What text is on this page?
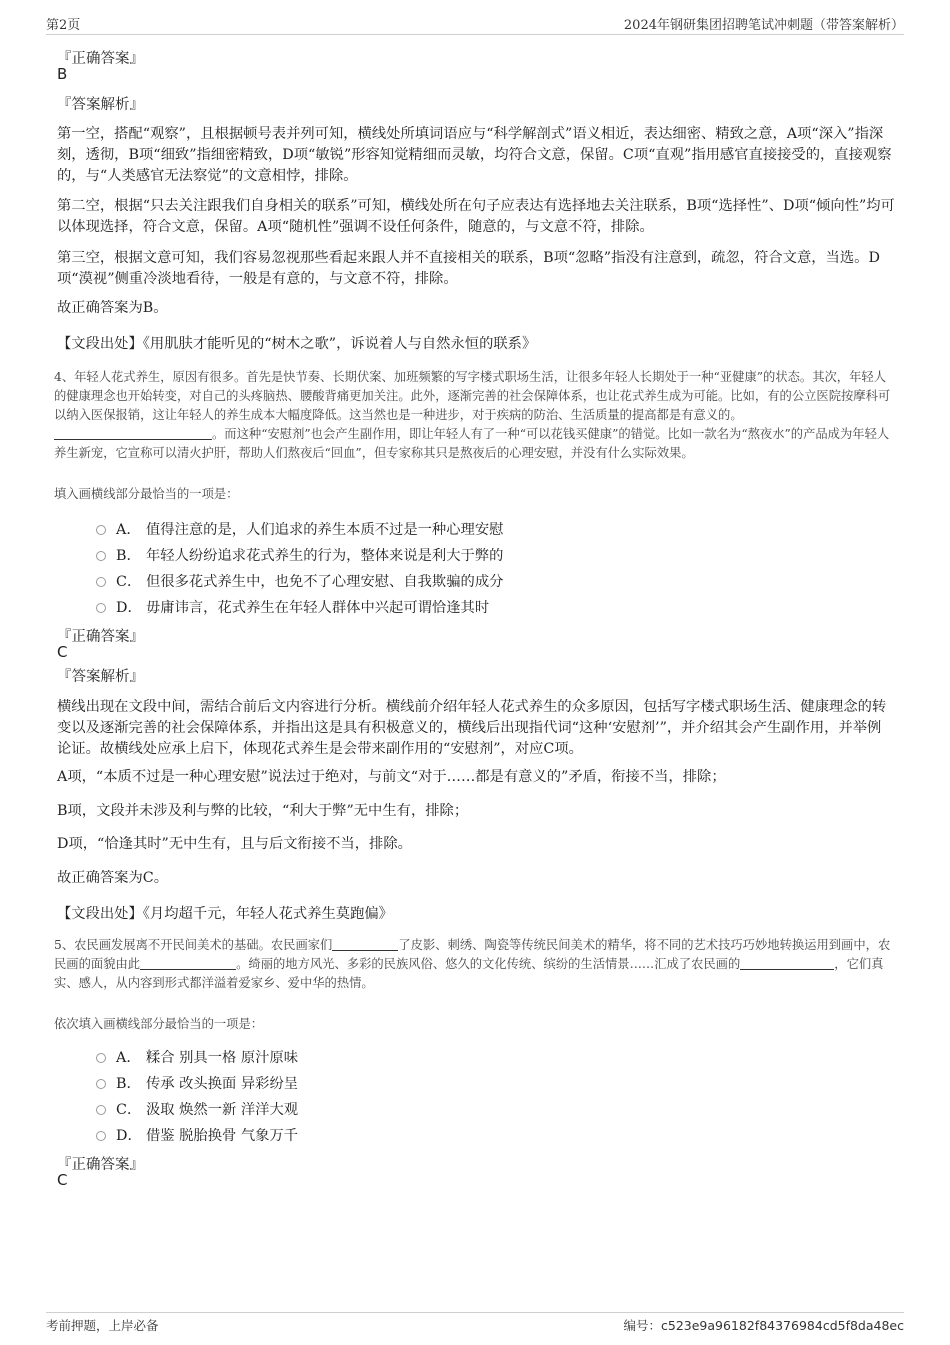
第2页	2024年钢研集团招聘笔试冲刺题（带答案解析）
『正确答案』
B
『答案解析』
第一空，搭配“观察”，且根据顿号表并列可知，横线处所填词语应与“科学解剖式”语义相近，表达细密、精致之意，A项“深入”指深刻，透彻，B项“细致”指细密精致，D项“敏锐”形容知觉精细而灵敏，均符合文意，保留。C项“直观”指用感官直接接受的，直接观察的，与“人类感官无法察觉”的文意相悖，排除。
第二空，根据“只去关注跟我们自身相关的联系”可知，横线处所在句子应表达有选择地去关注联系，B项“选择性”、D项“倾向性”均可以体现选择，符合文意，保留。A项“随机性”强调不设任何条件，随意的，与文意不符，排除。
第三空，根据文意可知，我们容易忽视那些看起来跟人并不直接相关的联系，B项“忽略”指没有注意到，疏忽，符合文意，当选。D项“漠视”侧重冷淡地看待，一般是有意的，与文意不符，排除。
故正确答案为B。
【文段出处】《用肌肤才能听见的“树木之歌”，诉说着人与自然永恒的联系》
4、年轻人花式养生，原因有很多。首先是快节奏、长期伏案、加班频繁的写字楼式职场生活，让很多年轻人长期处于一种“亚健康”的状态。其次，年轻人的健康理念也开始转变，对自己的头疼脑热、腰酸背痛更加关注。此外，逐渐完善的社会保障体系，也让花式养生成为可能。比如，有的公立医院按摩科可以纳入医保报销，这让年轻人的养生成本大幅度降低。这当然也是一种进步，对于疾病的防治、生活质量的提高都是有意义的。。而这种“安慰剂”也会产生副作用，即让年轻人有了一种“可以花钱买健康”的错觉。比如一款名为“熬夜水”的产品成为年轻人养生新宠，它宣称可以清火护肝，帮助人们熬夜后“回血”，但专家称其只是熬夜后的心理安慰，并没有什么实际效果。
填入画横线部分最恰当的一项是：
A． 值得注意的是，人们追求的养生本质不过是一种心理安慰
B． 年轻人纷纷追求花式养生的行为，整体来说是利大于弊的
C． 但很多花式养生中，也免不了心理安慰、自我欺骗的成分
D． 毋庸讳言，花式养生在年轻人群体中兴起可谓恰逢其时
『正确答案』
C
『答案解析』
横线出现在文段中间，需结合前后文内容进行分析。横线前介绍年轻人花式养生的众多原因，包括写字楼式职场生活、健康理念的转变以及逐渐完善的社会保障体系，并指出这是具有积极意义的，横线后出现指代词“这种‘安慰剂’”，并介绍其会产生副作用，并举例论证。故横线处应承上启下，体现花式养生是会带来副作用的“安慰剂”，对应C项。
A项，“本质不过是一种心理安慰”说法过于绝对，与前文“对于……都是有意义的”矛盾，衔接不当，排除；
B项，文段并未涉及利与弊的比较，“利大于弊”无中生有，排除；
D项，“恰逢其时”无中生有，且与后文衔接不当，排除。
故正确答案为C。
【文段出处】《月均超千元，年轻人花式养生莫跑偏》
5、农民画发展离不开民间美术的基础。农民画家们	了皮影、刺绣、陶瓷等传统民间美术的精华，将不同的艺术技巧巧妙地转换运用到画中，农民画的面貌由此	。绮丽的地方风光、多彩的民族风俗、悠久的文化传统、缤纷的生活情景……汇成了农民画的	，它们真实、感人，从内容到形式都洋溢着爱家乡、爱中华的热情。
依次填入画横线部分最恰当的一项是：
A． 糅合 别具一格 原汁原味
B． 传承 改头换面 异彩纷呈
C． 汲取 焕然一新 洋洋大观
D． 借鉴 脱胎换骨 气象万千
『正确答案』
C
考前押题，上岸必备	编号：c523e9a96182f84376984cd5f8da48ec
